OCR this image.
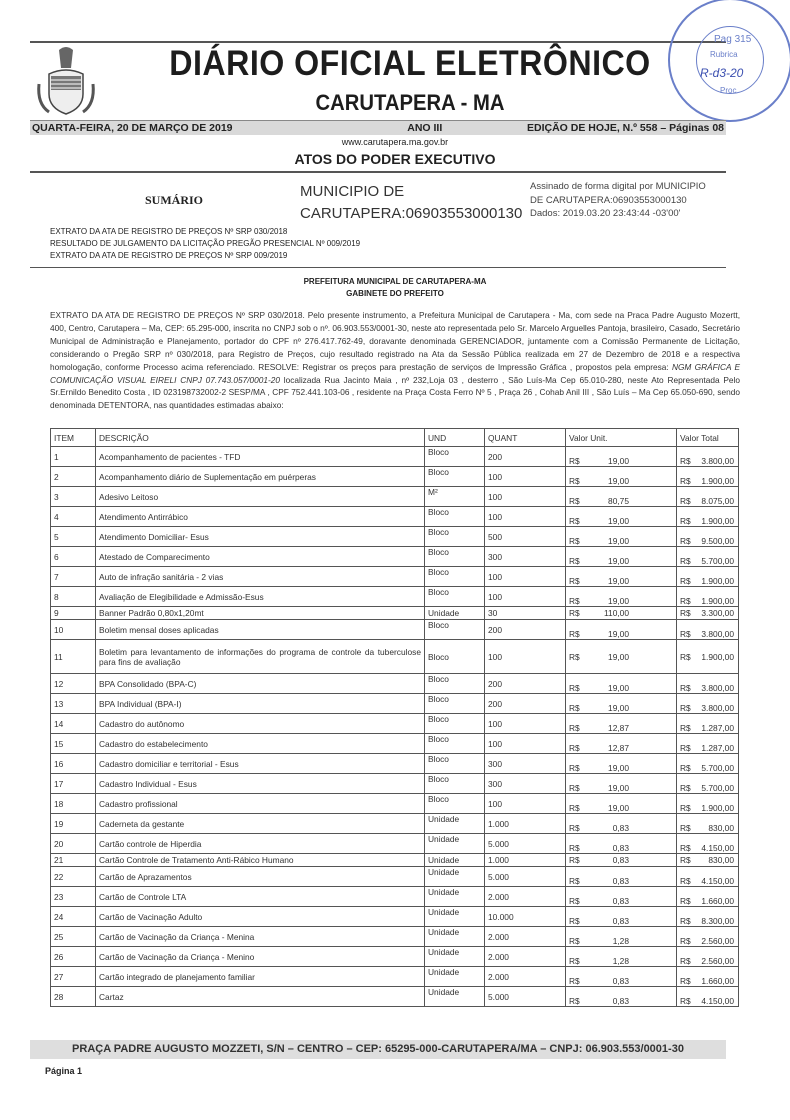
DIÁRIO OFICIAL ELETRÔNICO
CARUTAPERA - MA
Pag 315
Rubrica
R-d3-20
Proc
QUARTA-FEIRA, 20 DE MARÇO DE 2019	ANO III	EDIÇÃO DE HOJE, N.º 558 – Páginas 08
www.carutapera.ma.gov.br
ATOS DO PODER EXECUTIVO
SUMÁRIO	MUNICIPIO DE
CARUTAPERA:06903553000130
Assinado de forma digital por MUNICIPIO
DE CARUTAPERA:06903553000130
Dados: 2019.03.20 23:43:44 -03'00'
EXTRATO DA ATA DE REGISTRO DE PREÇOS Nº SRP 030/2018
RESULTADO DE JULGAMENTO DA LICITAÇÃO PREGÃO PRESENCIAL Nº 009/2019
EXTRATO DA ATA DE REGISTRO DE PREÇOS Nº SRP 009/2019
PREFEITURA MUNICIPAL DE CARUTAPERA-MA
GABINETE DO PREFEITO
EXTRATO DA ATA DE REGISTRO DE PREÇOS Nº SRP 030/2018. Pelo presente instrumento, a Prefeitura Municipal de Carutapera - Ma, com sede na Praca Padre Augusto Mozertt, 400, Centro, Carutapera – Ma, CEP: 65.295-000, inscrita no CNPJ sob o nº. 06.903.553/0001-30, neste ato representada pelo Sr. Marcelo Arguelles Pantoja, brasileiro, Casado, Secretário Municipal de Administração e Planejamento, portador do CPF nº 276.417.762-49, doravante denominada GERENCIADOR, juntamente com a Comissão Permanente de Licitação, considerando o Pregão SRP nº 030/2018, para Registro de Preços, cujo resultado registrado na Ata da Sessão Pública realizada em 27 de Dezembro de 2018 e a respectiva homologação, conforme Processo acima referenciado. RESOLVE: Registrar os preços para prestação de serviços de Impressão Gráfica , propostos pela empresa: NGM GRÁFICA E COMUNICAÇÃO VISUAL EIRELI CNPJ 07.743.057/0001-20 localizada Rua Jacinto Maia , nº 232,Loja 03 , desterro , São Luís-Ma Cep 65.010-280, neste Ato Representada Pelo Sr.Ernildo Benedito Costa , ID 023198732002-2 SESP/MA , CPF 752.441.103-06 , residente na Praça Costa Ferro Nº 5 , Praça 26 , Cohab Anil III , São Luís – Ma Cep 65.050-690, sendo denominada DETENTORA, nas quantidades estimadas abaixo:
ITEM	DESCRIÇÃO	UND	QUANT	Valor Unit.	Valor Total
1	Acompanhamento de pacientes - TFD	Bloco	200	R$ 19,00	R$ 3.800,00
2	Acompanhamento diário de Suplementação em puérperas	Bloco	100	R$ 19,00	R$ 1.900,00
3	Adesivo Leitoso	M²	100	R$ 80,75	R$ 8.075,00
4	Atendimento Antirrábico	Bloco	100	R$ 19,00	R$ 1.900,00
5	Atendimento Domiciliar- Esus	Bloco	500	R$ 19,00	R$ 9.500,00
6	Atestado de Comparecimento	Bloco	300	R$ 19,00	R$ 5.700,00
7	Auto de infração sanitária - 2 vias	Bloco	100	R$ 19,00	R$ 1.900,00
8	Avaliação de Elegibilidade e Admissão-Esus	Bloco	100	R$ 19,00	R$ 1.900,00
9	Banner Padrão 0,80x1,20mt	Unidade	30	R$ 110,00	R$ 3.300,00
10	Boletim mensal doses aplicadas	Bloco	200	R$ 19,00	R$ 3.800,00
11	Boletim para levantamento de informações do programa de controle da tuberculose para fins de avaliação	Bloco	100	R$ 19,00	R$ 1.900,00
12	BPA Consolidado (BPA-C)	Bloco	200	R$ 19,00	R$ 3.800,00
13	BPA Individual (BPA-I)	Bloco	200	R$ 19,00	R$ 3.800,00
14	Cadastro do autônomo	Bloco	100	R$ 12,87	R$ 1.287,00
15	Cadastro do estabelecimento	Bloco	100	R$ 12,87	R$ 1.287,00
16	Cadastro domiciliar e territorial - Esus	Bloco	300	R$ 19,00	R$ 5.700,00
17	Cadastro Individual - Esus	Bloco	300	R$ 19,00	R$ 5.700,00
18	Cadastro profissional	Bloco	100	R$ 19,00	R$ 1.900,00
19	Caderneta da gestante	Unidade	1.000	R$ 0,83	R$ 830,00
20	Cartão controle de Hiperdia	Unidade	5.000	R$ 0,83	R$ 4.150,00
21	Cartão Controle de Tratamento Anti-Rábico Humano	Unidade	1.000	R$ 0,83	R$ 830,00
22	Cartão de Aprazamentos	Unidade	5.000	R$ 0,83	R$ 4.150,00
23	Cartão de Controle LTA	Unidade	2.000	R$ 0,83	R$ 1.660,00
24	Cartão de Vacinação Adulto	Unidade	10.000	R$ 0,83	R$ 8.300,00
25	Cartão de Vacinação da Criança - Menina	Unidade	2.000	R$ 1,28	R$ 2.560,00
26	Cartão de Vacinação da Criança - Menino	Unidade	2.000	R$ 1,28	R$ 2.560,00
27	Cartão integrado de planejamento familiar	Unidade	2.000	R$ 0,83	R$ 1.660,00
28	Cartaz	Unidade	5.000	R$ 0,83	R$ 4.150,00
PRAÇA PADRE AUGUSTO MOZZETI, S/N – CENTRO – CEP: 65295-000-CARUTAPERA/MA – CNPJ: 06.903.553/0001-30
Página 1
